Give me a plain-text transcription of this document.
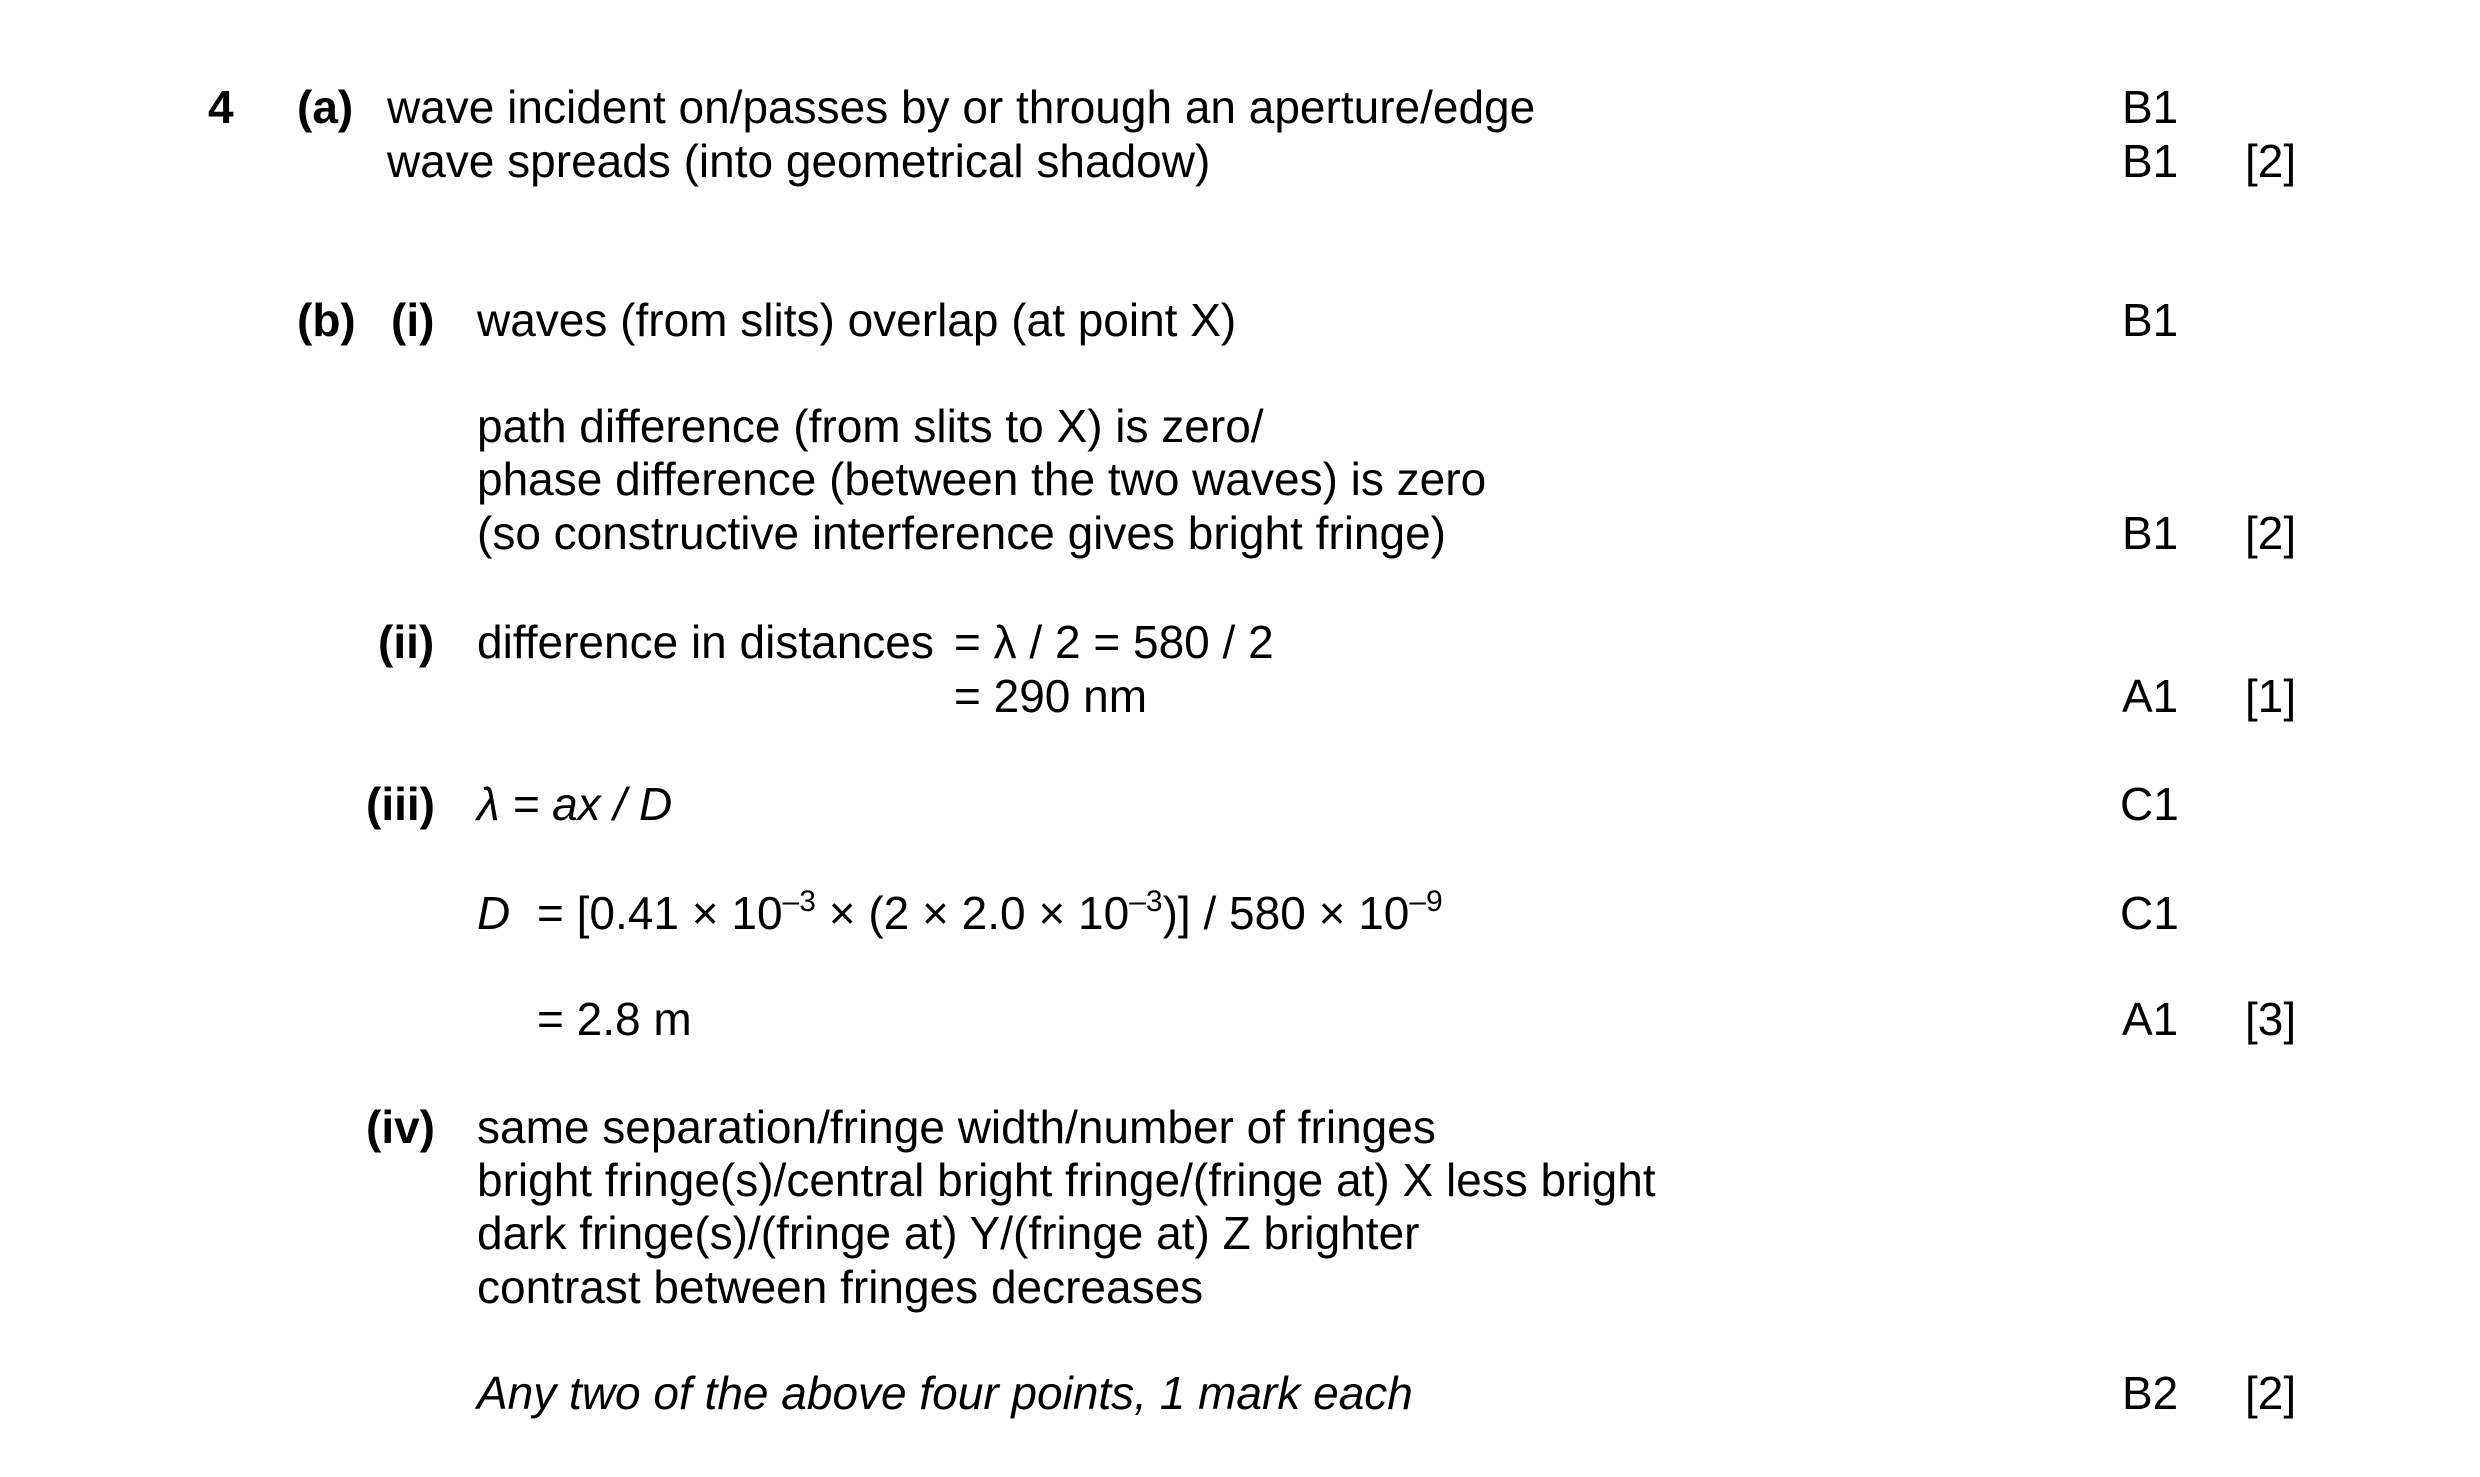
4 (a) wave incident on/passes by or through an aperture/edge	B1
wave spreads (into geometrical shadow)	B1 [2]
(b) (i) waves (from slits) overlap (at point X)	B1
path difference (from slits to X) is zero/
phase difference (between the two waves) is zero
(so constructive interference gives bright fringe)	B1 [2]
(ii) difference in distances = λ / 2 = 580 / 2
= 290 nm	A1 [1]
(iii) λ = ax / D	C1
$D = [0.41 \times 10^{-3} \times (2 \times 2.0 \times 10^{-3})] / 580 \times 10^{-9}$	C1
= 2.8 m	A1 [3]
(iv) same separation/fringe width/number of fringes
bright fringe(s)/central bright fringe/(fringe at) X less bright
dark fringe(s)/(fringe at) Y/(fringe at) Z brighter
contrast between fringes decreases
Any two of the above four points, 1 mark each	B2 [2]
